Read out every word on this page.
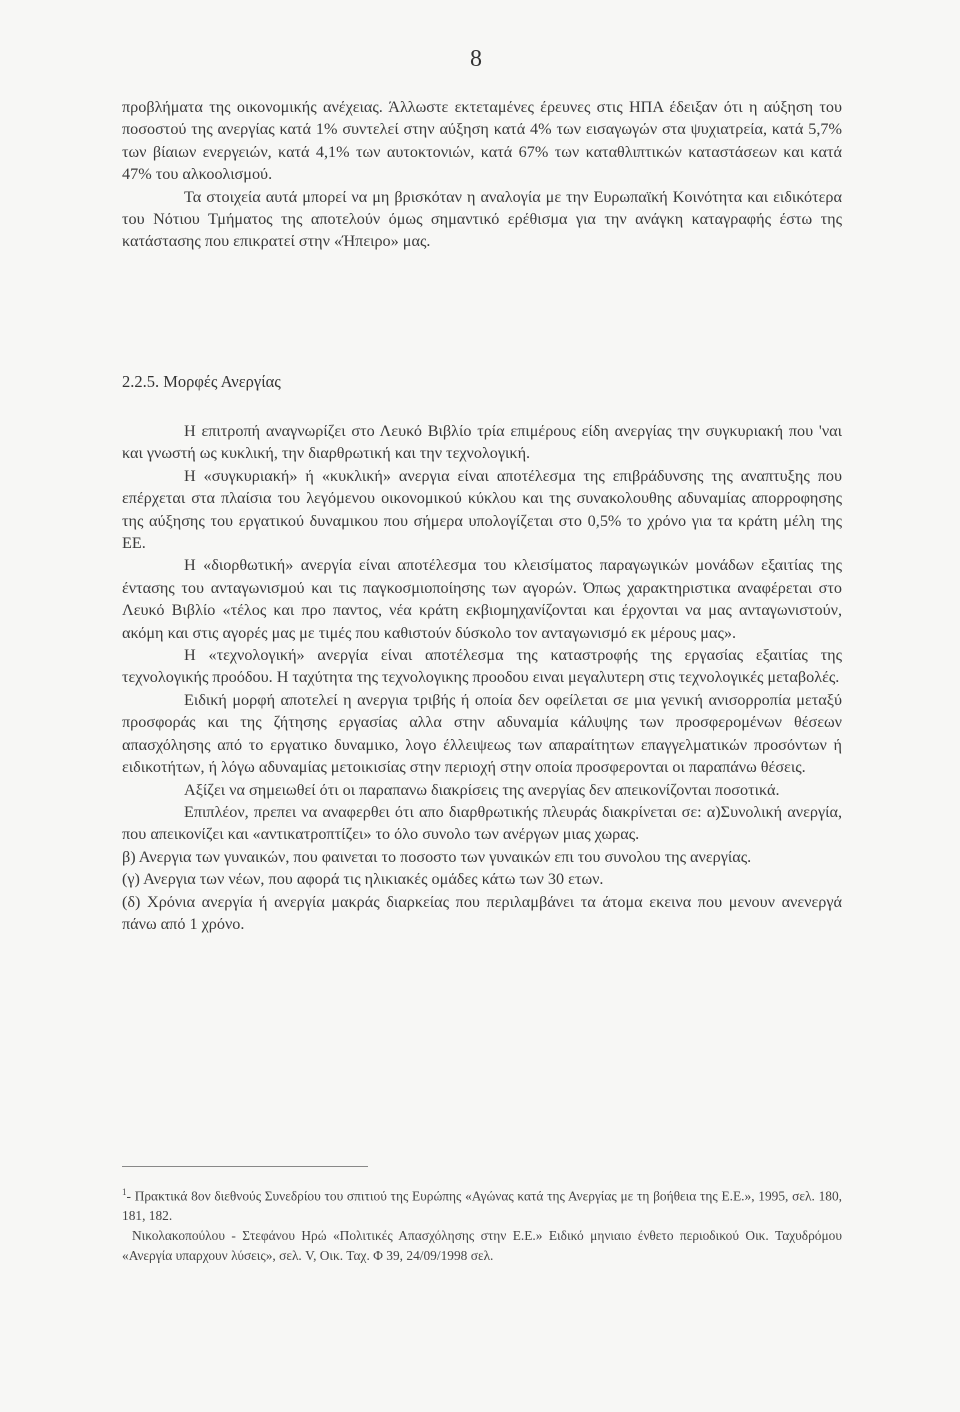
8

προβλήματα της οικονομικής ανέχειας. Άλλωστε εκτεταμένες έρευνες στις ΗΠΑ έδειξαν ότι η αύξηση του ποσοστού της ανεργίας κατά 1% συντελεί στην αύξηση κατά 4% των εισαγωγών στα ψυχιατρεία, κατά 5,7% των βίαιων ενεργειών, κατά 4,1% των αυτοκτονιών, κατά 67% των καταθλιπτικών καταστάσεων και κατά 47% του αλκοολισμού.

Τα στοιχεία αυτά μπορεί να μη βρισκόταν η αναλογία με την Ευρωπαϊκή Κοινότητα και ειδικότερα του Νότιου Τμήματος της αποτελούν όμως σημαντικό ερέθισμα για την ανάγκη καταγραφής έστω της κατάστασης που επικρατεί στην «Ήπειρο» μας.

2.2.5. Μορφές Ανεργίας

Η επιτροπή αναγνωρίζει στο Λευκό Βιβλίο τρία επιμέρους είδη ανεργίας την συγκυριακή που 'ναι και γνωστή ως κυκλική, την διαρθρωτική και την τεχνολογική.

Η «συγκυριακή» ή «κυκλική» ανεργια είναι αποτέλεσμα της επιβράδυνσης της αναπτυξης που επέρχεται στα πλαίσια του λεγόμενου οικονομικού κύκλου και της συνακολουθης αδυναμίας απορροφησης της αύξησης του εργατικού δυναμικου που σήμερα υπολογίζεται στο 0,5% το χρόνο για τα κράτη μέλη της ΕΕ.

Η «διορθωτική» ανεργία είναι αποτέλεσμα του κλεισίματος παραγωγικών μονάδων εξαιτίας της έντασης του ανταγωνισμού και τις παγκοσμιοποίησης των αγορών. Όπως χαρακτηριστικα αναφέρεται στο Λευκό Βιβλίο «τέλος και προ παντος, νέα κράτη εκβιομηχανίζονται και έρχονται να μας ανταγωνιστούν, ακόμη και στις αγορές μας με τιμές που καθιστούν δύσκολο τον ανταγωνισμό εκ μέρους μας».

Η «τεχνολογική» ανεργία είναι αποτέλεσμα της καταστροφής της εργασίας εξαιτίας της τεχνολογικής προόδου. Η ταχύτητα της τεχνολογικης προοδου ειναι μεγαλυτερη στις τεχνολογικές μεταβολές.

Ειδική μορφή αποτελεί η ανεργια τριβής ή οποία δεν οφείλεται σε μια γενική ανισορροπία μεταξύ προσφοράς και της ζήτησης εργασίας αλλα στην αδυναμία κάλυψης των προσφερομένων θέσεων απασχόλησης από το εργατικο δυναμικο, λογο έλλειψεως των απαραίτητων επαγγελματικών προσόντων ή ειδικοτήτων, ή λόγω αδυναμίας μετοικισίας στην περιοχή στην οποία προσφερονται οι παραπάνω θέσεις.

Αξίζει να σημειωθεί ότι οι παραπανω διακρίσεις της ανεργίας δεν απεικονίζονται ποσοτικά.

Επιπλέον, πρεπει να αναφερθει ότι απο διαρθρωτικής πλευράς διακρίνεται σε: α)Συνολική ανεργία, που απεικονίζει και «αντικατροπτίζει» το όλο συνολο των ανέργων μιας χωρας.

β) Ανεργια των γυναικών, που φαινεται το ποσοστο των γυναικών επι του συνολου της ανεργίας.

(γ) Ανεργια των νέων, που αφορά τις ηλικιακές ομάδες κάτω των 30 ετων.

(δ) Χρόνια ανεργία ή ανεργία μακράς διαρκείας που περιλαμβάνει τα άτομα εκεινα που μενουν ανενεργά πάνω από 1 χρόνο.

$^1$- Πρακτικά 8ον διεθνούς Συνεδρίου του σπιτιού της Ευρώπης «Αγώνας κατά της Ανεργίας με τη βοήθεια της Ε.Ε.», 1995, σελ. 180, 181, 182.

Νικολακοπούλου - Στεφάνου Ηρώ «Πολιτικές Απασχόλησης στην Ε.Ε.» Ειδικό μηνιαιο ένθετο περιοδικού Οικ. Ταχυδρόμου «Ανεργία υπαρχουν λύσεις», σελ. V, Οικ. Ταχ. Φ 39, 24/09/1998 σελ.
